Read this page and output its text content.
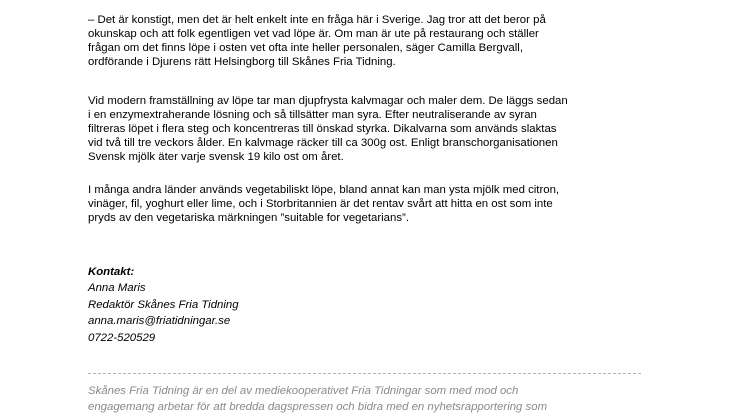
– Det är konstigt, men det är helt enkelt inte en fråga här i Sverige. Jag tror att det beror på
okunskap och att folk egentligen vet vad löpe är. Om man är ute på restaurang och ställer
frågan om det finns löpe i osten vet ofta inte heller personalen, säger Camilla Bergvall,
ordförande i Djurens rätt Helsingborg till Skånes Fria Tidning.

Vid modern framställning av löpe tar man djupfrysta kalvmagar och maler dem. De läggs sedan
i en enzymextraherande lösning och så tillsätter man syra. Efter neutraliserande av syran
filtreras löpet i flera steg och koncentreras till önskad styrka. Dikalvarna som används slaktas
vid två till tre veckors ålder. En kalvmage räcker till ca 300g ost. Enligt branschorganisationen
Svensk mjölk äter varje svensk 19 kilo ost om året.

I många andra länder används vegetabiliskt löpe, bland annat kan man ysta mjölk med citron,
vinäger, fil, yoghurt eller lime, och i Storbritannien är det rentav svårt att hitta en ost som inte
pryds av den vegetariska märkningen ”suitable for vegetarians”.

Kontakt:
Anna Maris
Redaktör Skånes Fria Tidning
anna.maris@friatidningar.se
0722-520529
Skånes Fria Tidning är en del av mediekooperativet Fria Tidningar som med mod och
engagemang arbetar för att bredda dagspressen och bidra med en nyhetsrapportering som
